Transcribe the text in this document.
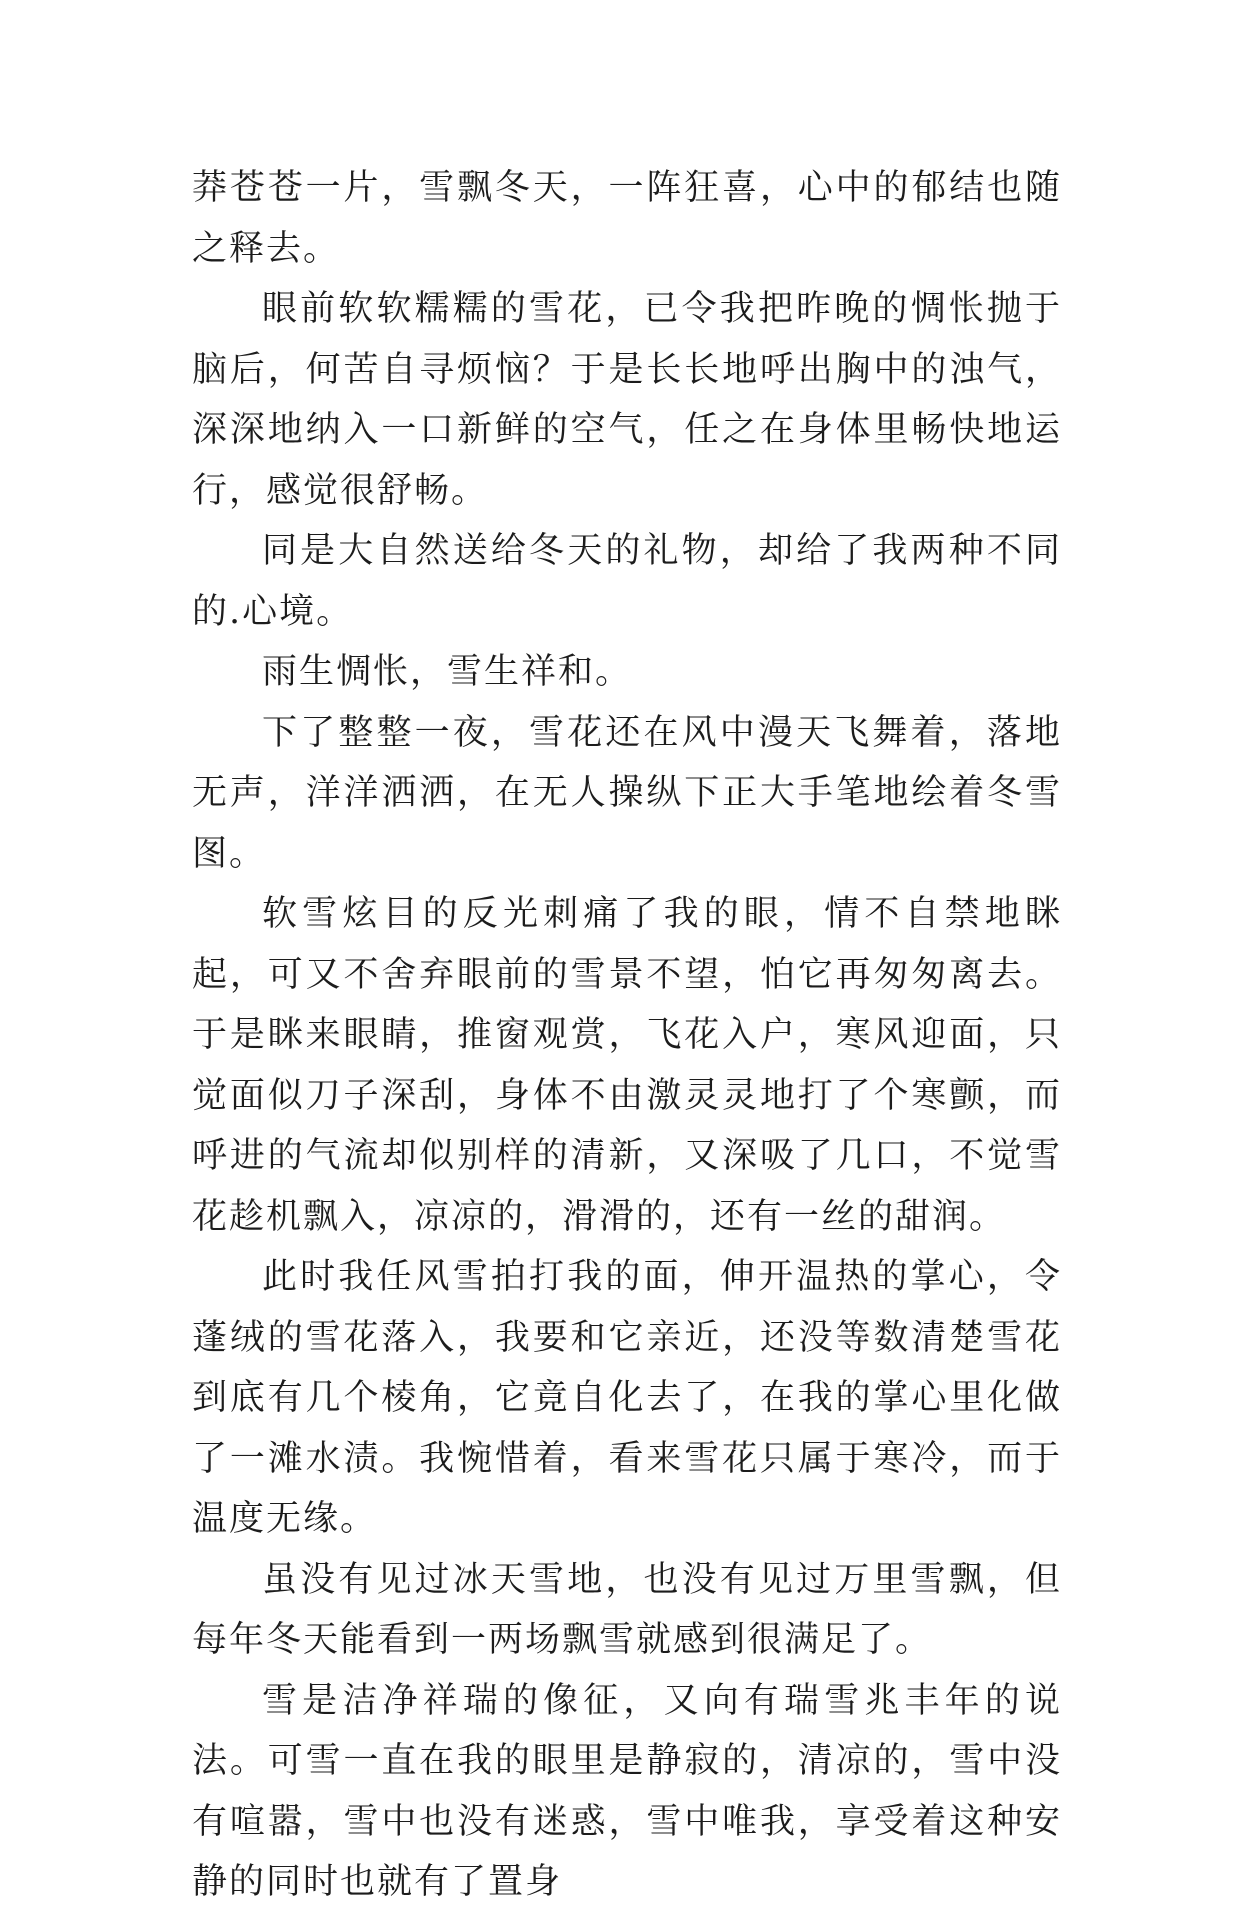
莽苍苍一片，雪飘冬天，一阵狂喜，心中的郁结也随之释去。

眼前软软糯糯的雪花，已令我把昨晚的惆怅抛于脑后，何苦自寻烦恼？于是长长地呼出胸中的浊气，深深地纳入一口新鲜的空气，任之在身体里畅快地运行，感觉很舒畅。

同是大自然送给冬天的礼物，却给了我两种不同的.心境。

雨生惆怅，雪生祥和。

下了整整一夜，雪花还在风中漫天飞舞着，落地无声，洋洋洒洒，在无人操纵下正大手笔地绘着冬雪图。

软雪炫目的反光刺痛了我的眼，情不自禁地眯起，可又不舍弃眼前的雪景不望，怕它再匆匆离去。于是眯来眼睛，推窗观赏，飞花入户，寒风迎面，只觉面似刀子深刮，身体不由激灵灵地打了个寒颤，而呼进的气流却似别样的清新，又深吸了几口，不觉雪花趁机飘入，凉凉的，滑滑的，还有一丝的甜润。

此时我任风雪拍打我的面，伸开温热的掌心，令蓬绒的雪花落入，我要和它亲近，还没等数清楚雪花到底有几个棱角，它竟自化去了，在我的掌心里化做了一滩水渍。我惋惜着，看来雪花只属于寒冷，而于温度无缘。

虽没有见过冰天雪地，也没有见过万里雪飘，但每年冬天能看到一两场飘雪就感到很满足了。

雪是洁净祥瑞的像征，又向有瑞雪兆丰年的说法。可雪一直在我的眼里是静寂的，清凉的，雪中没有喧嚣，雪中也没有迷惑，雪中唯我，享受着这种安静的同时也就有了置身
